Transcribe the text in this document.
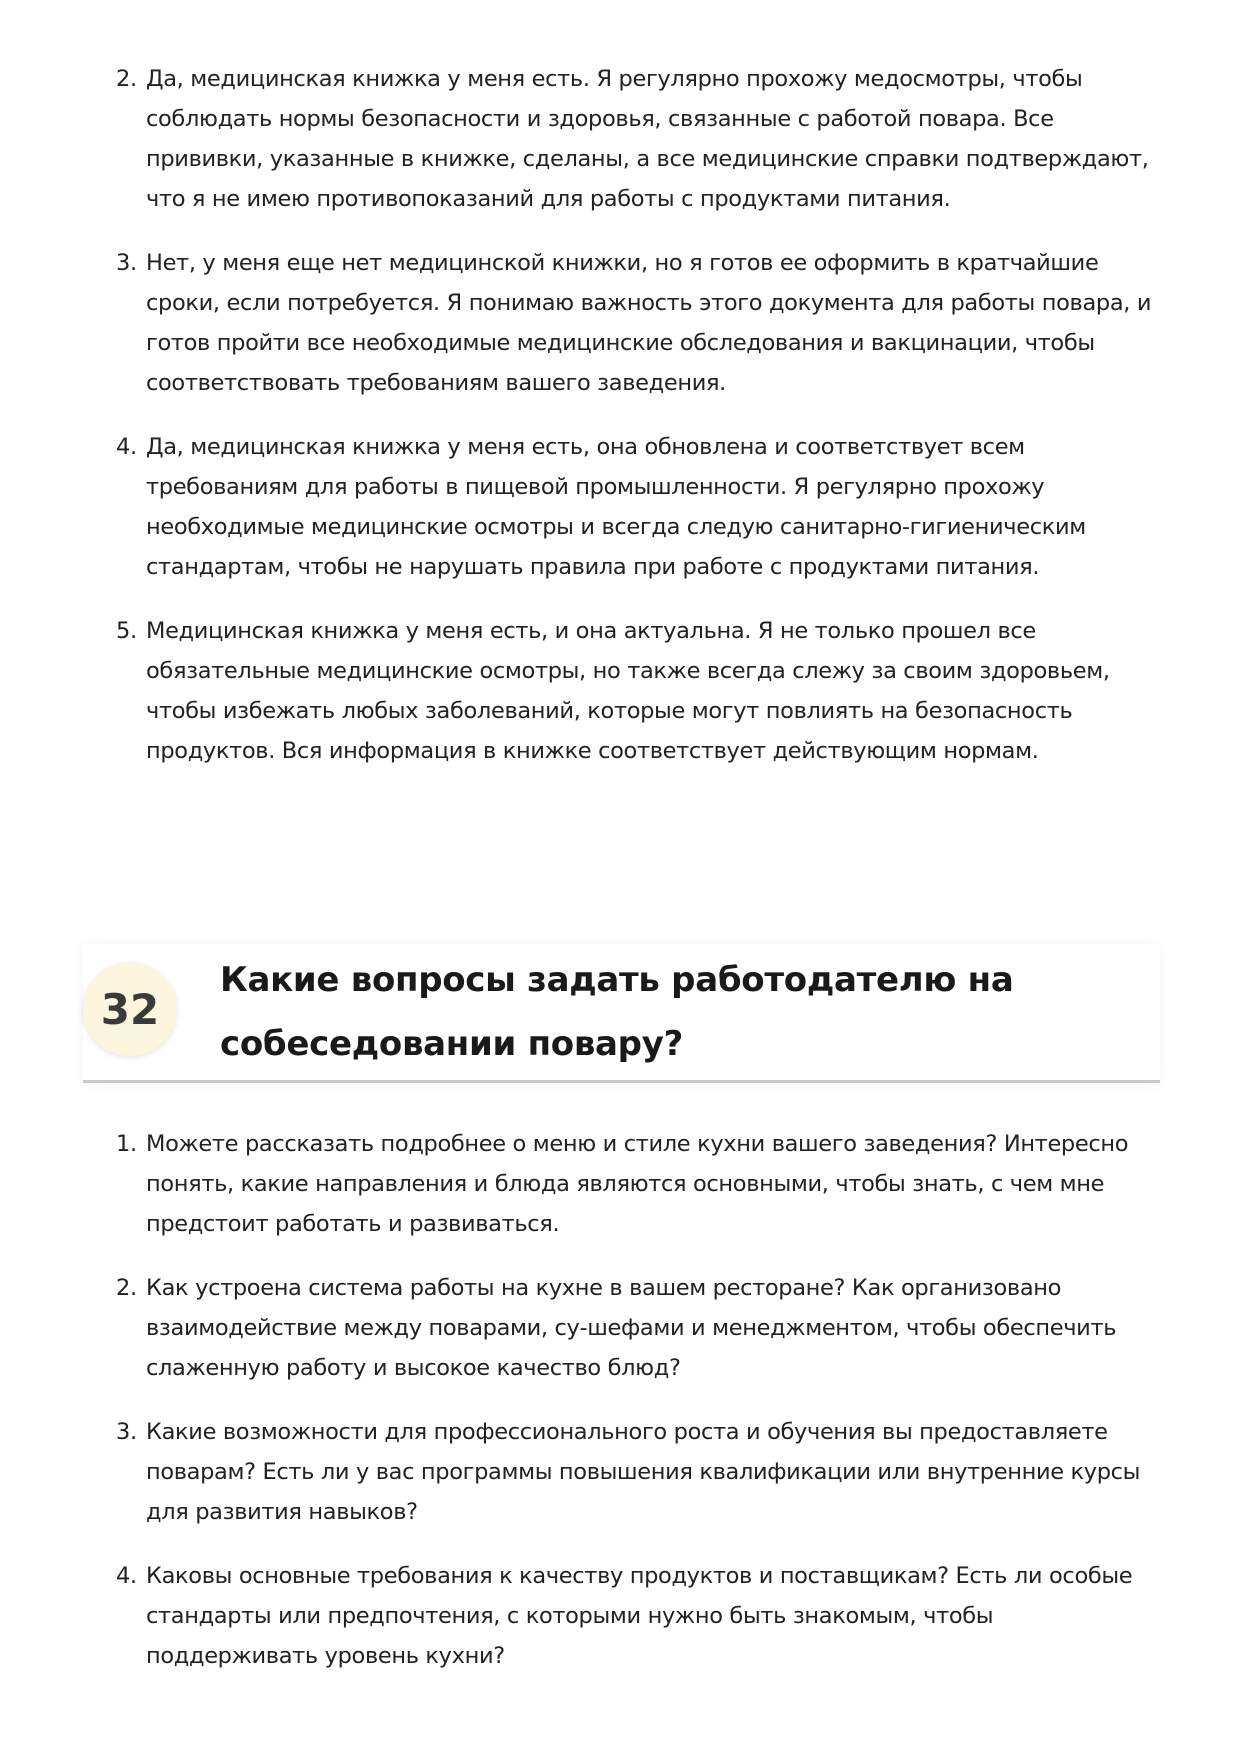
2 . Да, медицинская книжка у меня есть. Я регулярно прохожу медосмотры, чтобы соблюдать нормы безопасности и здоровья, связанные с работой повара. Все прививки, указанные в книжке, сделаны, а все медицинские справки подтверждают, что я не имею противопоказаний для работы с продуктами питания.
3 . Нет, у меня еще нет медицинской книжки, но я готов ее оформить в кратчайшие сроки, если потребуется. Я понимаю важность этого документа для работы повара, и готов пройти все необходимые медицинские обследования и вакцинации, чтобы соответствовать требованиям вашего заведения.
4 . Да, медицинская книжка у меня есть, она обновлена и соответствует всем требованиям для работы в пищевой промышленности. Я регулярно прохожу необходимые медицинские осмотры и всегда следую санитарно-гигиеническим стандартам, чтобы не нарушать правила при работе с продуктами питания.
5 . Медицинская книжка у меня есть, и она актуальна. Я не только прошел все обязательные медицинские осмотры, но также всегда слежу за своим здоровьем, чтобы избежать любых заболеваний, которые могут повлиять на безопасность продуктов. Вся информация в книжке соответствует действующим нормам.
32
Какие вопросы задать работодателю на собеседовании повару?
1 . Можете рассказать подробнее о меню и стиле кухни вашего заведения? Интересно понять, какие направления и блюда являются основными, чтобы знать, с чем мне предстоит работать и развиваться.
2 . Как устроена система работы на кухне в вашем ресторане? Как организовано взаимодействие между поварами, су-шефами и менеджментом, чтобы обеспечить слаженную работу и высокое качество блюд?
3 . Какие возможности для профессионального роста и обучения вы предоставляете поварам? Есть ли у вас программы повышения квалификации или внутренние курсы для развития навыков?
4 . Каковы основные требования к качеству продуктов и поставщикам? Есть ли особые стандарты или предпочтения, с которыми нужно быть знакомым, чтобы поддерживать уровень кухни?
